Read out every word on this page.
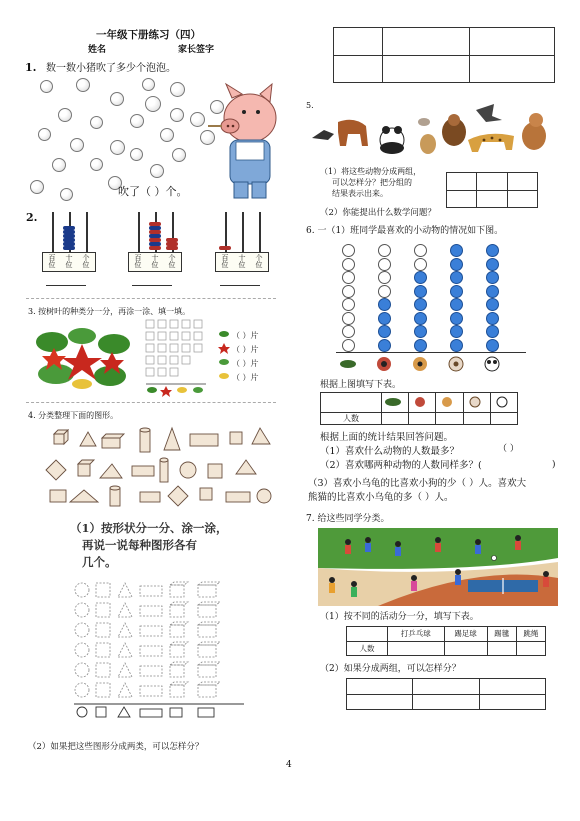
一年级下册练习（四）
姓名	家长签字

1. 数一数小猪吹了多少个泡泡。
吹了（ ）个。
2.
百位
十位
个位
百位
十位
个位
百位
十位
个位
3. 按树叶的种类分一分，再涂一涂、填一填。
（ ）片
（ ）片
（ ）片
（ ）片
4. 分类整理下面的图形。
（1）按形状分一分、涂一涂，
再说一说每种图形各有
几个。
（2）如果把这些图形分成两类，可以怎样分？
5.
（1）将这些动物分成两组，
可以怎样分？把分组的
结果表示出来。

（2）你能提出什么数学问题？
6. 一（1）班同学最喜欢的小动物的情况如下图。
根据上图填写下表。

人数					
根据上面的统计结果回答问题。
（1）喜欢什么动物的人数最多？	（ ）
（2）喜欢哪两种动物的人数同样多？(	)
（3）喜欢小乌龟的比喜欢小狗的少（ ）人。喜欢大
熊猫的比喜欢小乌龟的多（ ）人。
7. 给这些同学分类。
（1）按不同的活动分一分，填写下表。
	打乒乓球	踢足球	踢毽	跳绳
人数				
（2）如果分成两组，可以怎样分？

4
